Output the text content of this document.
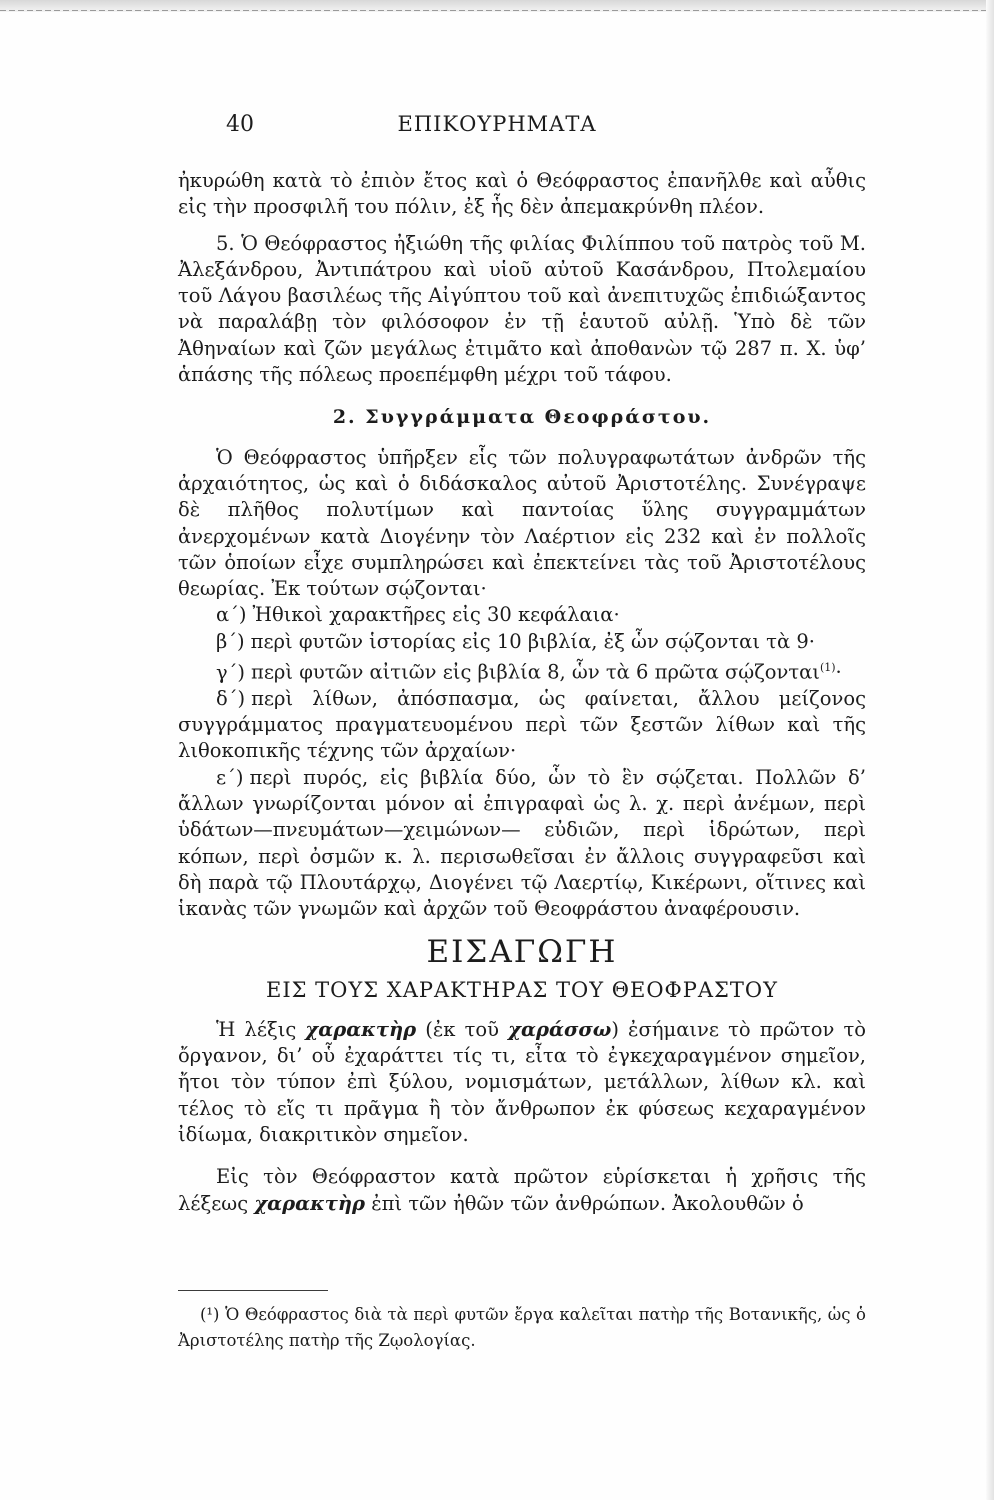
40	ΕΠΙΚΟΥΡΗΜΑΤΑ

ἠκυρώθη κατὰ τὸ ἐπιὸν ἔτος καὶ ὁ Θεόφραστος ἐπανῆλθε καὶ αὖθις εἰς τὴν προσφιλῆ του πόλιν, ἐξ ἧς δὲν ἀπεμακρύνθη πλέον.

5. Ὁ Θεόφραστος ἠξιώθη τῆς φιλίας Φιλίππου τοῦ πατρὸς τοῦ Μ. Ἀλεξάνδρου, Ἀντιπάτρου καὶ υἱοῦ αὐτοῦ Κασάνδρου, Πτολεμαίου τοῦ Λάγου βασιλέως τῆς Αἰγύπτου τοῦ καὶ ἀνεπιτυχῶς ἐπιδιώξαντος νὰ παραλάβῃ τὸν φιλόσοφον ἐν τῇ ἑαυτοῦ αὐλῇ. Ὑπὸ δὲ τῶν Ἀθηναίων καὶ ζῶν μεγάλως ἐτιμᾶτο καὶ ἀποθανὼν τῷ 287 π. Χ. ὑφ’ ἁπάσης τῆς πόλεως προεπέμφθη μέχρι τοῦ τάφου.

2. Συγγράμματα Θεοφράστου.

Ὁ Θεόφραστος ὑπῆρξεν εἷς τῶν πολυγραφωτάτων ἀνδρῶν τῆς ἀρχαιότητος, ὡς καὶ ὁ διδάσκαλος αὐτοῦ Ἀριστοτέλης. Συνέγραψε δὲ πλῆθος πολυτίμων καὶ παντοίας ὕλης συγγραμμάτων ἀνερχομένων κατὰ Διογένην τὸν Λαέρτιον εἰς 232 καὶ ἐν πολλοῖς τῶν ὁποίων εἶχε συμπληρώσει καὶ ἐπεκτείνει τὰς τοῦ Ἀριστοτέλους θεωρίας. Ἐκ τούτων σῴζονται·

α΄) Ἠθικοὶ χαρακτῆρες εἰς 30 κεφάλαια·

β΄) περὶ φυτῶν ἱστορίας εἰς 10 βιβλία, ἐξ ὧν σῴζονται τὰ 9·

γ΄) περὶ φυτῶν αἰτιῶν εἰς βιβλία 8, ὧν τὰ 6 πρῶτα σῴζονται$^{(1)}$·

δ΄) περὶ λίθων, ἀπόσπασμα, ὡς φαίνεται, ἄλλου μείζονος συγγράμματος πραγματευομένου περὶ τῶν ξεστῶν λίθων καὶ τῆς λιθοκοπικῆς τέχνης τῶν ἀρχαίων·

ε΄) περὶ πυρός, εἰς βιβλία δύο, ὧν τὸ ἓν σῴζεται. Πολλῶν δ’ ἄλλων γνωρίζονται μόνον αἱ ἐπιγραφαὶ ὡς λ. χ. περὶ ἀνέμων, περὶ ὑδάτων—πνευμάτων—χειμώνων— εὐδιῶν, περὶ ἱδρώτων, περὶ κόπων, περὶ ὀσμῶν κ. λ. περισωθεῖσαι ἐν ἄλλοις συγγραφεῦσι καὶ δὴ παρὰ τῷ Πλουτάρχῳ, Διογένει τῷ Λαερτίῳ, Κικέρωνι, οἵτινες καὶ ἱκανὰς τῶν γνωμῶν καὶ ἀρχῶν τοῦ Θεοφράστου ἀναφέρουσιν.

ΕΙΣΑΓΩΓΗ
ΕΙΣ ΤΟΥΣ ΧΑΡΑΚΤΗΡΑΣ ΤΟΥ ΘΕΟΦΡΑΣΤΟΥ

Ἡ λέξις χαρακτὴρ (ἐκ τοῦ χαράσσω) ἐσήμαινε τὸ πρῶτον τὸ ὄργανον, δι’ οὗ ἐχαράττει τίς τι, εἶτα τὸ ἐγκεχαραγμένον σημεῖον, ἤτοι τὸν τύπον ἐπὶ ξύλου, νομισμάτων, μετάλλων, λίθων κλ. καὶ τέλος τὸ εἴς τι πρᾶγμα ἢ τὸν ἄνθρωπον ἐκ φύσεως κεχαραγμένον ἰδίωμα, διακριτικὸν σημεῖον.

Εἰς τὸν Θεόφραστον κατὰ πρῶτον εὑρίσκεται ἡ χρῆσις τῆς λέξεως χαρακτὴρ ἐπὶ τῶν ἠθῶν τῶν ἀνθρώπων. Ἀκολουθῶν ὁ

(¹) Ὁ Θεόφραστος διὰ τὰ περὶ φυτῶν ἔργα καλεῖται πατὴρ τῆς Βοτανικῆς, ὡς ὁ Ἀριστοτέλης πατὴρ τῆς Ζῳολογίας.
